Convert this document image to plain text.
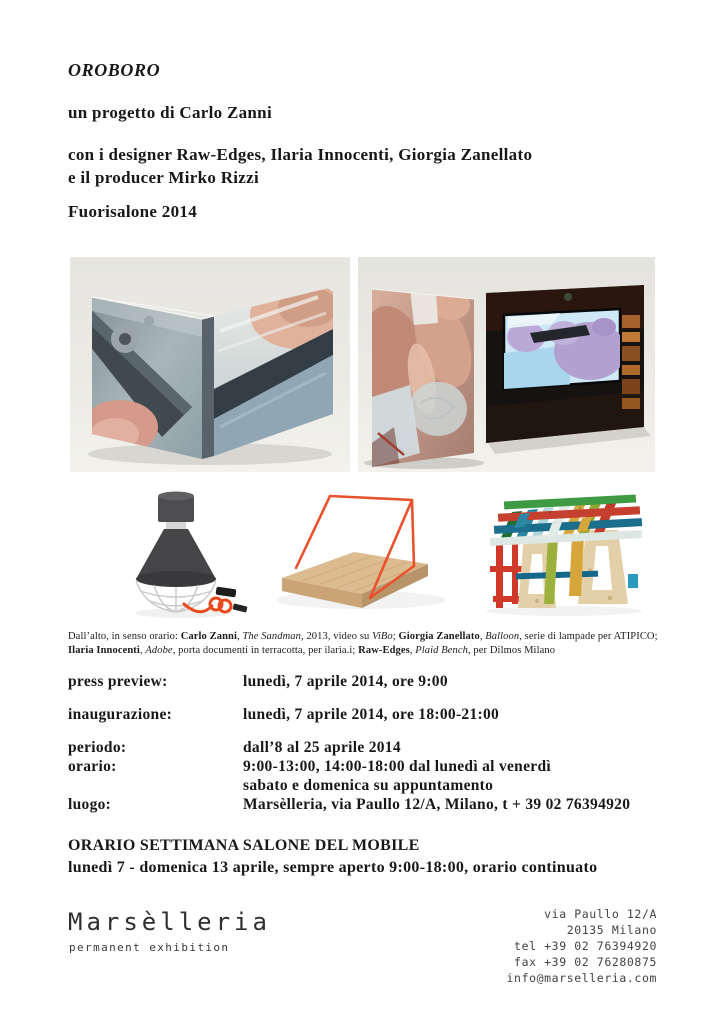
OROBORO
un progetto di Carlo Zanni
con i designer Raw-Edges, Ilaria Innocenti, Giorgia Zanellato
e il producer Mirko Rizzi
Fuorisalone 2014

Dall’alto, in senso orario: Carlo Zanni, The Sandman, 2013, video su ViBo; Giorgia Zanellato, Balloon, serie di lampade per ATIPICO;
Ilaria Innocenti, Adobe, porta documenti in terracotta, per ilaria.i; Raw-Edges, Plaid Bench, per Dilmos Milano

press preview:	lunedì, 7 aprile 2014, ore 9:00
inaugurazione:	lunedì, 7 aprile 2014, ore 18:00-21:00
periodo:	dall’8 al 25 aprile 2014
orario:	9:00-13:00, 14:00-18:00 dal lunedì al venerdì
sabato e domenica su appuntamento
luogo:	Marsèlleria, via Paullo 12/A, Milano, t + 39 02 76394920
ORARIO SETTIMANA SALONE DEL MOBILE
lunedì 7 - domenica 13 aprile, sempre aperto 9:00-18:00, orario continuato
Marsèlleria
permanent exhibition
via Paullo 12/A
20135 Milano
tel +39 02 76394920
fax +39 02 76280875
info@marselleria.com
